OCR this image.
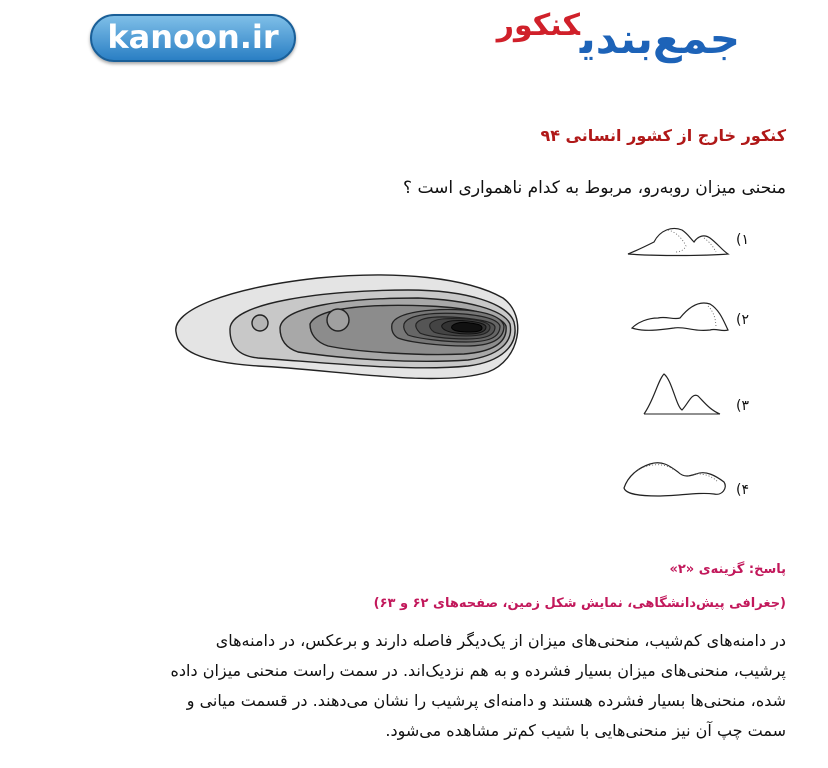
kanoon.ir	جمع‌بندیکنکور
کنکور خارج از کشور انسانی ۹۴
منحنی میزان روبه‌رو، مربوط به کدام ناهمواری است ؟
(۱
(۲
(۳
(۴
پاسخ: گزینه‌ی «۲»
(جغرافی پیش‌دانشگاهی، نمایش شکل زمین، صفحه‌های ۶۲ و ۶۳)

در دامنه‌های کم‌شیب، منحنی‌های میزان از یک‌دیگر فاصله دارند و برعکس، در دامنه‌های

پرشیب، منحنی‌های میزان بسیار فشرده و به هم نزدیک‌اند. در سمت راست منحنی میزان داده

شده، منحنی‌ها بسیار فشرده هستند و دامنه‌ای پرشیب را نشان می‌دهند. در قسمت میانی و

سمت چپ آن نیز منحنی‌هایی با شیب کم‌تر مشاهده می‌شود.
